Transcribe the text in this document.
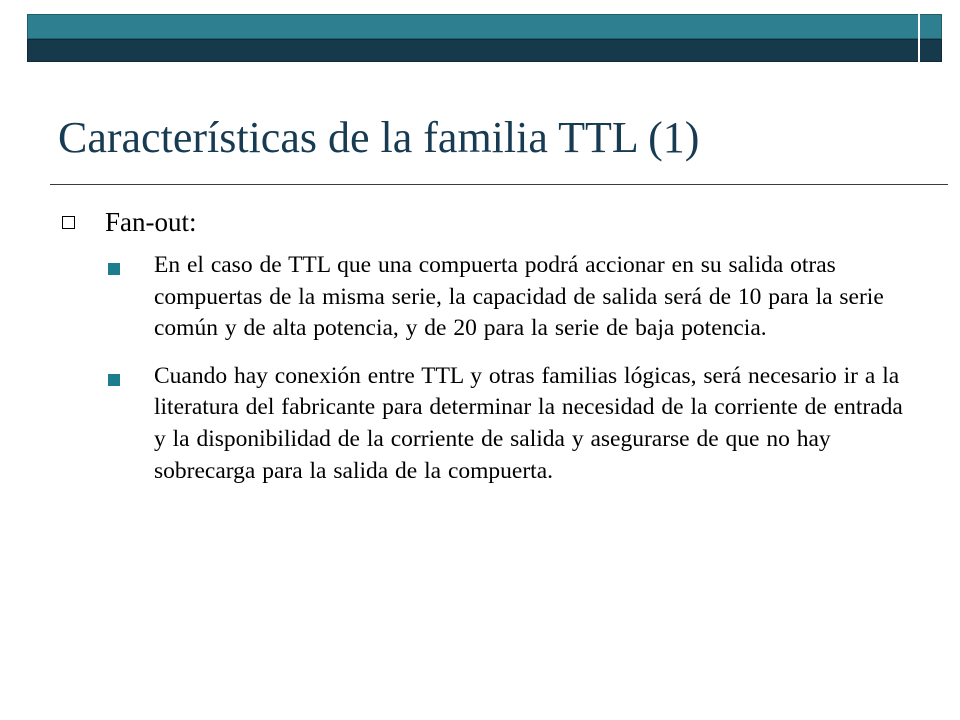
Características de la familia TTL (1)
Fan-out:

En el caso de TTL que una compuerta podrá accionar en su salida otras compuertas de la misma serie, la capacidad de salida será de 10 para la serie común y de alta potencia, y de 20 para la serie de baja potencia.

Cuando hay conexión entre TTL y otras familias lógicas, será necesario ir a la literatura del fabricante para determinar la necesidad de la corriente de entrada y la disponibilidad de la corriente de salida y asegurarse de que no hay sobrecarga para la salida de la compuerta.
